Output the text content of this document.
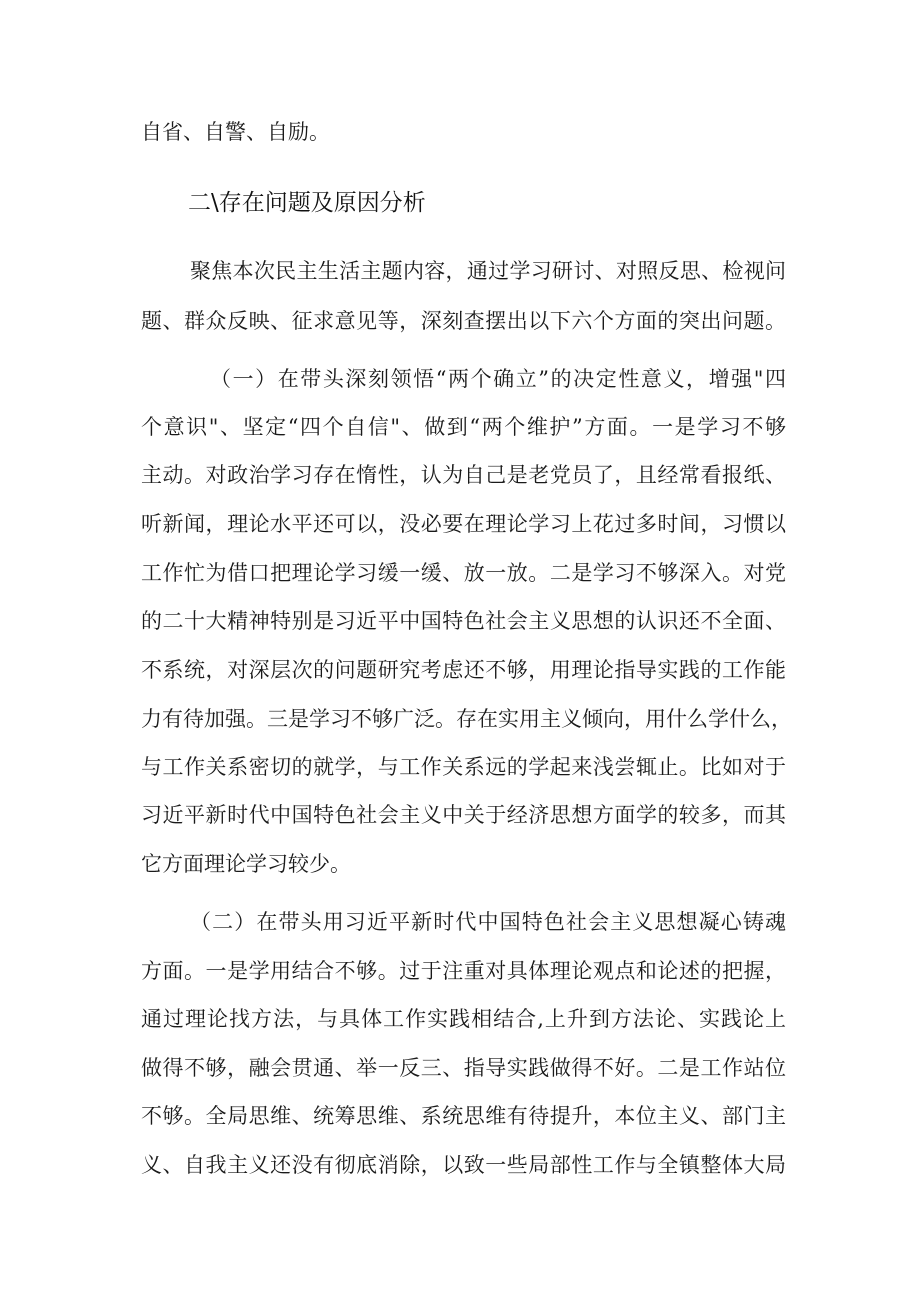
自省、自警、自励。
二\存在问题及原因分析
聚焦本次民主生活主题内容，通过学习研讨、对照反思、检视问
题、群众反映、征求意见等，深刻查摆出以下六个方面的突出问题。
（一）在带头深刻领悟“两个确立”的决定性意义，增强"四
个意识"、坚定“四个自信"、做到“两个维护”方面。一是学习不够
主动。对政治学习存在惰性，认为自己是老党员了，且经常看报纸、
听新闻，理论水平还可以，没必要在理论学习上花过多时间，习惯以
工作忙为借口把理论学习缓一缓、放一放。二是学习不够深入。对党
的二十大精神特别是习近平中国特色社会主义思想的认识还不全面、
不系统，对深层次的问题研究考虑还不够，用理论指导实践的工作能
力有待加强。三是学习不够广泛。存在实用主义倾向，用什么学什么，
与工作关系密切的就学，与工作关系远的学起来浅尝辄止。比如对于
习近平新时代中国特色社会主义中关于经济思想方面学的较多，而其
它方面理论学习较少。
（二）在带头用习近平新时代中国特色社会主义思想凝心铸魂
方面。一是学用结合不够。过于注重对具体理论观点和论述的把握，
通过理论找方法，与具体工作实践相结合,上升到方法论、实践论上
做得不够，融会贯通、举一反三、指导实践做得不好。二是工作站位
不够。全局思维、统筹思维、系统思维有待提升，本位主义、部门主
义、自我主义还没有彻底消除，以致一些局部性工作与全镇整体大局
